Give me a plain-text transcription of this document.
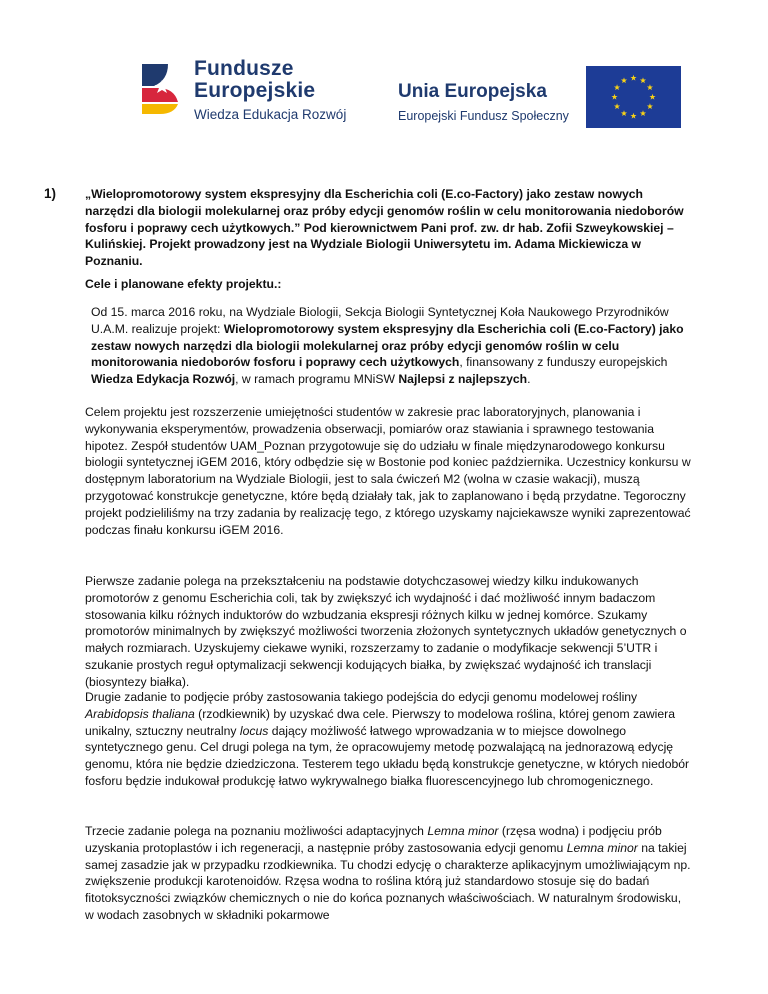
Fundusze
Europejskie
Wiedza Edukacja Rozwój
Unia Europejska
Europejski Fundusz Społeczny
1) „Wielopromotorowy system ekspresyjny dla Escherichia coli (E.co-Factory) jako zestaw nowych narzędzi dla biologii molekularnej oraz próby edycji genomów roślin w celu monitorowania niedoborów fosforu i poprawy cech użytkowych.” Pod kierownictwem Pani prof. zw. dr hab. Zofii Szweykowskiej – Kulińskiej. Projekt prowadzony jest na Wydziale Biologii Uniwersytetu im. Adama Mickiewicza w Poznaniu.
Cele i planowane efekty projektu.:
Od 15. marca 2016 roku, na Wydziale Biologii, Sekcja Biologii Syntetycznej Koła Naukowego Przyrodników U.A.M. realizuje projekt: Wielopromotorowy system ekspresyjny dla Escherichia coli (E.co-Factory) jako zestaw nowych narzędzi dla biologii molekularnej oraz próby edycji genomów roślin w celu monitorowania niedoborów fosforu i poprawy cech użytkowych, finansowany z funduszy europejskich Wiedza Edykacja Rozwój, w ramach programu MNiSW Najlepsi z najlepszych.
Celem projektu jest rozszerzenie umiejętności studentów w zakresie prac laboratoryjnych, planowania i wykonywania eksperymentów, prowadzenia obserwacji, pomiarów oraz stawiania i sprawnego testowania hipotez. Zespół studentów UAM_Poznan przygotowuje się do udziału w finale międzynarodowego konkursu biologii syntetycznej iGEM 2016, który odbędzie się w Bostonie pod koniec października. Uczestnicy konkursu w dostępnym laboratorium na Wydziale Biologii, jest to sala ćwiczeń M2 (wolna w czasie wakacji), muszą przygotować konstrukcje genetyczne, które będą działały tak, jak to zaplanowano i będą przydatne. Tegoroczny projekt podzieliliśmy na trzy zadania by realizację tego, z którego uzyskamy najciekawsze wyniki zaprezentować podczas finału konkursu iGEM 2016.
Pierwsze zadanie polega na przekształceniu na podstawie dotychczasowej wiedzy kilku indukowanych promotorów z genomu Escherichia coli, tak by zwiększyć ich wydajność i dać możliwość innym badaczom stosowania kilku różnych induktorów do wzbudzania ekspresji różnych kilku w jednej komórce. Szukamy promotorów minimalnych by zwiększyć możliwości tworzenia złożonych syntetycznych układów genetycznych o małych rozmiarach. Uzyskujemy ciekawe wyniki, rozszerzamy to zadanie o modyfikacje sekwencji 5’UTR i szukanie prostych reguł optymalizacji sekwencji kodujących białka, by zwiększać wydajność ich translacji (biosyntezy białka).
Drugie zadanie to podjęcie próby zastosowania takiego podejścia do edycji genomu modelowej rośliny Arabidopsis thaliana (rzodkiewnik) by uzyskać dwa cele. Pierwszy to modelowa roślina, której genom zawiera unikalny, sztuczny neutralny locus dający możliwość łatwego wprowadzania w to miejsce dowolnego syntetycznego genu. Cel drugi polega na tym, że opracowujemy metodę pozwalającą na jednorazową edycję genomu, która nie będzie dziedziczona. Testerem tego układu będą konstrukcje genetyczne, w których niedobór fosforu będzie indukował produkcję łatwo wykrywalnego białka fluorescencyjnego lub chromogenicznego.
Trzecie zadanie polega na poznaniu możliwości adaptacyjnych Lemna minor (rzęsa wodna) i podjęciu prób uzyskania protoplastów i ich regeneracji, a następnie próby zastosowania edycji genomu Lemna minor na takiej samej zasadzie jak w przypadku rzodkiewnika. Tu chodzi edycję o charakterze aplikacyjnym umożliwiającym np. zwiększenie produkcji karotenoidów. Rzęsa wodna to roślina którą już standardowo stosuje się do badań fitotoksyczności związków chemicznych o nie do końca poznanych właściwościach. W naturalnym środowisku, w wodach zasobnych w składniki pokarmowe
